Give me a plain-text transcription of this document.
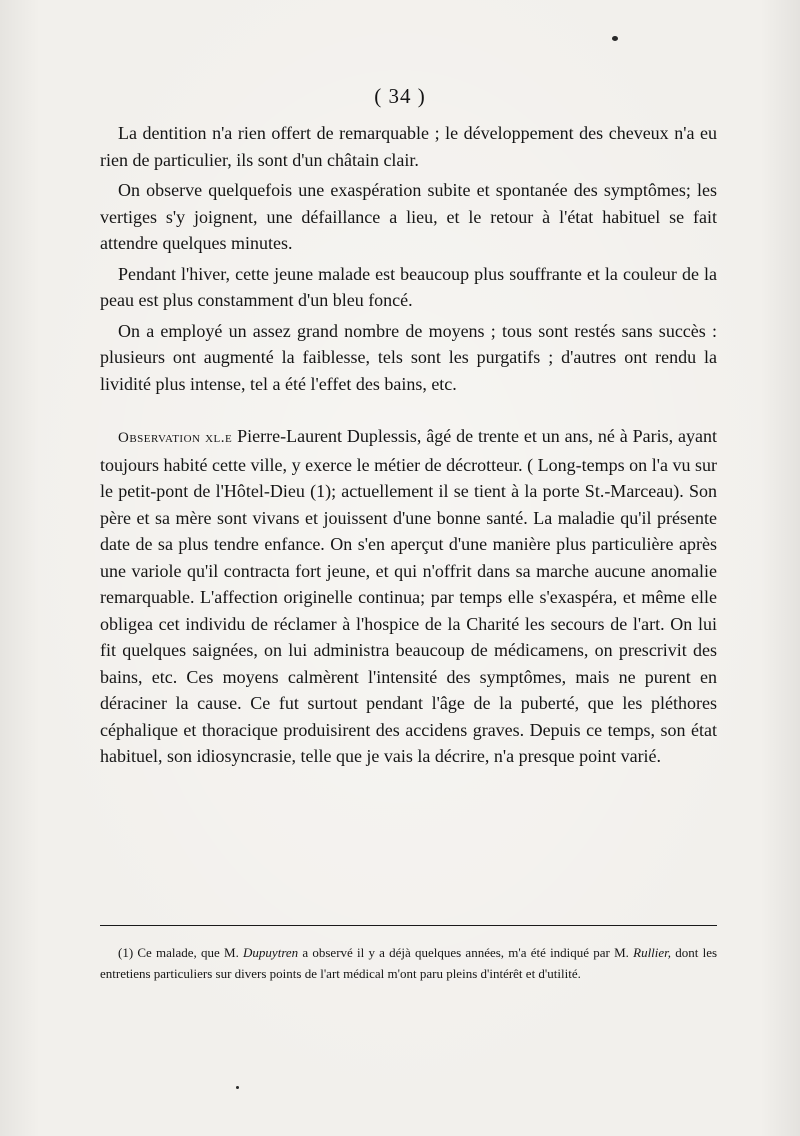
( 34 )

La dentition n'a rien offert de remarquable ; le développement des cheveux n'a eu rien de particulier, ils sont d'un châtain clair.

On observe quelquefois une exaspération subite et spontanée des symptômes; les vertiges s'y joignent, une défaillance a lieu, et le retour à l'état habituel se fait attendre quelques minutes.

Pendant l'hiver, cette jeune malade est beaucoup plus souffrante et la couleur de la peau est plus constamment d'un bleu foncé.

On a employé un assez grand nombre de moyens ; tous sont restés sans succès : plusieurs ont augmenté la faiblesse, tels sont les purgatifs ; d'autres ont rendu la lividité plus intense, tel a été l'effet des bains, etc.

Observation xl.e Pierre-Laurent Duplessis, âgé de trente et un ans, né à Paris, ayant toujours habité cette ville, y exerce le métier de décrotteur. ( Long-temps on l'a vu sur le petit-pont de l'Hôtel-Dieu (1); actuellement il se tient à la porte St.-Marceau). Son père et sa mère sont vivans et jouissent d'une bonne santé. La maladie qu'il présente date de sa plus tendre enfance. On s'en aperçut d'une manière plus particulière après une variole qu'il contracta fort jeune, et qui n'offrit dans sa marche aucune anomalie remarquable. L'affection originelle continua; par temps elle s'exaspéra, et même elle obligea cet individu de réclamer à l'hospice de la Charité les secours de l'art. On lui fit quelques saignées, on lui administra beaucoup de médicamens, on prescrivit des bains, etc. Ces moyens calmèrent l'intensité des symptômes, mais ne purent en déraciner la cause. Ce fut surtout pendant l'âge de la puberté, que les pléthores céphalique et thoracique produisirent des accidens graves. Depuis ce temps, son état habituel, son idiosyncrasie, telle que je vais la décrire, n'a presque point varié.

(1) Ce malade, que M. Dupuytren a observé il y a déjà quelques années, m'a été indiqué par M. Rullier, dont les entretiens particuliers sur divers points de l'art médical m'ont paru pleins d'intérêt et d'utilité.
